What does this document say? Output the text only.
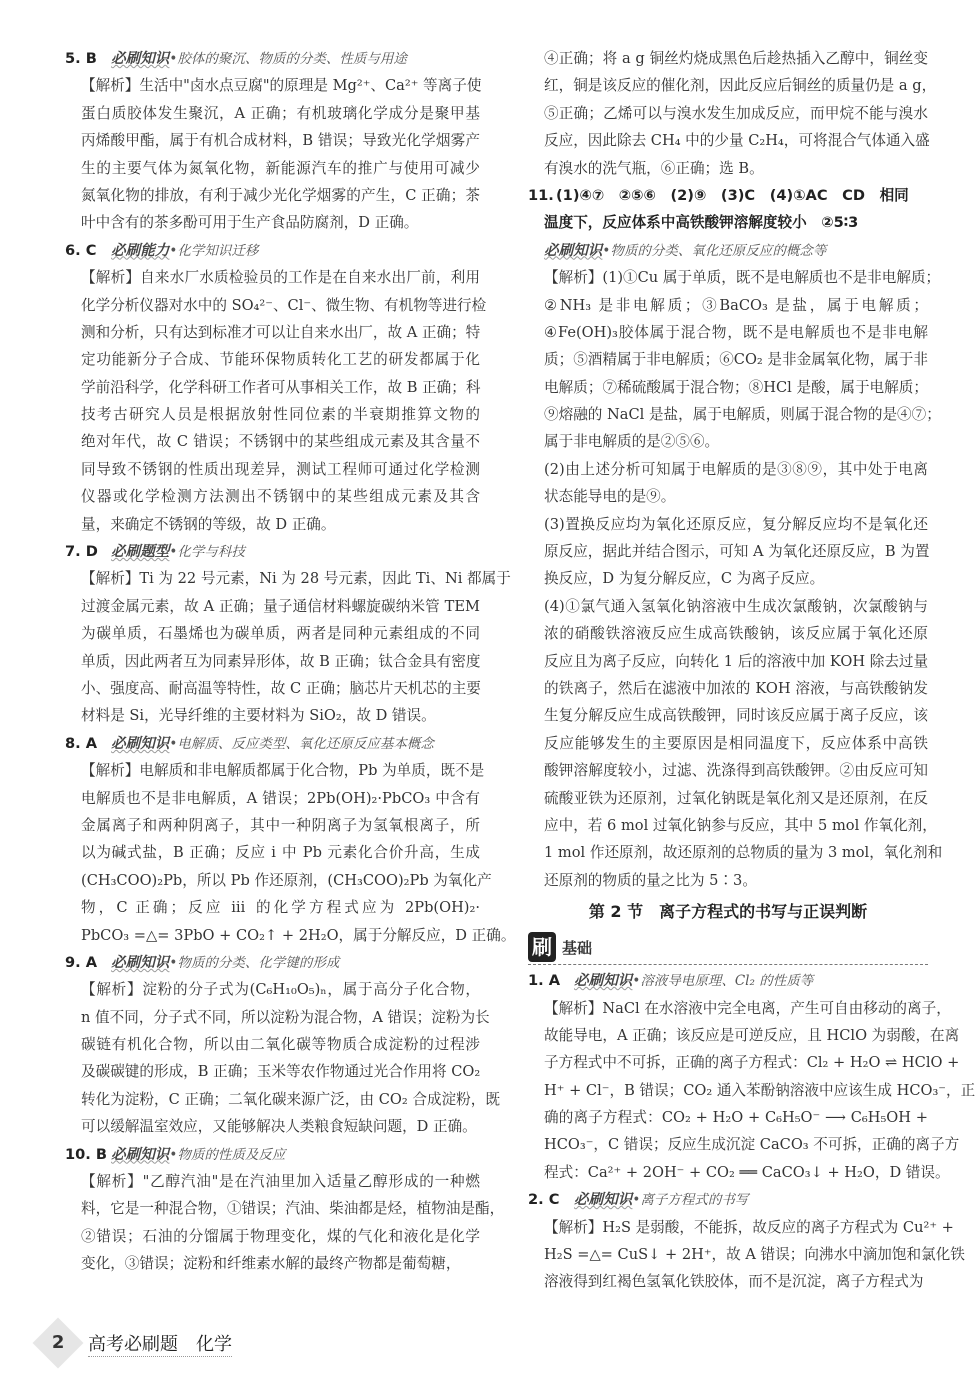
5. B 必刷知识•胶体的聚沉、物质的分类、性质与用途
【解析】生活中"卤水点豆腐"的原理是 Mg²⁺、Ca²⁺ 等离子使
蛋白质胶体发生聚沉，A 正确；有机玻璃化学成分是聚甲基
丙烯酸甲酯，属于有机合成材料，B 错误；导致光化学烟雾产
生的主要气体为氮氧化物，新能源汽车的推广与使用可减少
氮氧化物的排放，有利于减少光化学烟雾的产生，C 正确；茶
叶中含有的茶多酚可用于生产食品防腐剂，D 正确。
6. C 必刷能力•化学知识迁移
【解析】自来水厂水质检验员的工作是在自来水出厂前，利用
化学分析仪器对水中的 SO₄²⁻、Cl⁻、微生物、有机物等进行检
测和分析，只有达到标准才可以让自来水出厂，故 A 正确；特
定功能新分子合成、节能环保物质转化工艺的研发都属于化
学前沿科学，化学科研工作者可从事相关工作，故 B 正确；科
技考古研究人员是根据放射性同位素的半衰期推算文物的
绝对年代，故 C 错误；不锈钢中的某些组成元素及其含量不
同导致不锈钢的性质出现差异，测试工程师可通过化学检测
仪器或化学检测方法测出不锈钢中的某些组成元素及其含
量，来确定不锈钢的等级，故 D 正确。
7. D 必刷题型•化学与科技
【解析】Ti 为 22 号元素，Ni 为 28 号元素，因此 Ti、Ni 都属于
过渡金属元素，故 A 正确；量子通信材料螺旋碳纳米管 TEM
为碳单质，石墨烯也为碳单质，两者是同种元素组成的不同
单质，因此两者互为同素异形体，故 B 正确；钛合金具有密度
小、强度高、耐高温等特性，故 C 正确；脑芯片天机芯的主要
材料是 Si，光导纤维的主要材料为 SiO₂，故 D 错误。
8. A 必刷知识•电解质、反应类型、氧化还原反应基本概念
【解析】电解质和非电解质都属于化合物，Pb 为单质，既不是
电解质也不是非电解质，A 错误；2Pb(OH)₂·PbCO₃ 中含有
金属离子和两种阴离子，其中一种阴离子为氢氧根离子，所
以为碱式盐，B 正确；反应 ⅰ 中 Pb 元素化合价升高，生成
(CH₃COO)₂Pb，所以 Pb 作还原剂，(CH₃COO)₂Pb 为氧化产
物，C 正确；反应 ⅲ 的化学方程式应为 2Pb(OH)₂·
PbCO₃ =△= 3PbO + CO₂↑ + 2H₂O，属于分解反应，D 正确。
9. A 必刷知识•物质的分类、化学键的形成
【解析】淀粉的分子式为(C₆H₁₀O₅)ₙ，属于高分子化合物，
n 值不同，分子式不同，所以淀粉为混合物，A 错误；淀粉为长
碳链有机化合物，所以由二氧化碳等物质合成淀粉的过程涉
及碳碳键的形成，B 正确；玉米等农作物通过光合作用将 CO₂
转化为淀粉，C 正确；二氧化碳来源广泛，由 CO₂ 合成淀粉，既
可以缓解温室效应，又能够解决人类粮食短缺问题，D 正确。
10. B 必刷知识•物质的性质及反应
【解析】"乙醇汽油"是在汽油里加入适量乙醇形成的一种燃
料，它是一种混合物，①错误；汽油、柴油都是烃，植物油是酯，
②错误；石油的分馏属于物理变化，煤的气化和液化是化学
变化，③错误；淀粉和纤维素水解的最终产物都是葡萄糖，
④正确；将 a g 铜丝灼烧成黑色后趁热插入乙醇中，铜丝变
红，铜是该反应的催化剂，因此反应后铜丝的质量仍是 a g，
⑤正确；乙烯可以与溴水发生加成反应，而甲烷不能与溴水
反应，因此除去 CH₄ 中的少量 C₂H₄，可将混合气体通入盛
有溴水的洗气瓶，⑥正确；选 B。
11. (1)④⑦　②⑤⑥　(2)⑨　(3)C　(4)①AC　CD　相同
温度下，反应体系中高铁酸钾溶解度较小　②5∶3
必刷知识•物质的分类、氧化还原反应的概念等
【解析】(1)①Cu 属于单质，既不是电解质也不是非电解质；
②NH₃ 是非电解质；③BaCO₃ 是盐，属于电解质；
④Fe(OH)₃胶体属于混合物，既不是电解质也不是非电解
质；⑤酒精属于非电解质；⑥CO₂ 是非金属氧化物，属于非
电解质；⑦稀硫酸属于混合物；⑧HCl 是酸，属于电解质；
⑨熔融的 NaCl 是盐，属于电解质，则属于混合物的是④⑦；
属于非电解质的是②⑤⑥。
(2)由上述分析可知属于电解质的是③⑧⑨，其中处于电离
状态能导电的是⑨。
(3)置换反应均为氧化还原反应，复分解反应均不是氧化还
原反应，据此并结合图示，可知 A 为氧化还原反应，B 为置
换反应，D 为复分解反应，C 为离子反应。
(4)①氯气通入氢氧化钠溶液中生成次氯酸钠，次氯酸钠与
浓的硝酸铁溶液反应生成高铁酸钠，该反应属于氧化还原
反应且为离子反应，向转化 1 后的溶液中加 KOH 除去过量
的铁离子，然后在滤液中加浓的 KOH 溶液，与高铁酸钠发
生复分解反应生成高铁酸钾，同时该反应属于离子反应，该
反应能够发生的主要原因是相同温度下，反应体系中高铁
酸钾溶解度较小，过滤、洗涤得到高铁酸钾。②由反应可知
硫酸亚铁为还原剂，过氧化钠既是氧化剂又是还原剂，在反
应中，若 6 mol 过氧化钠参与反应，其中 5 mol 作氧化剂，
1 mol 作还原剂，故还原剂的总物质的量为 3 mol，氧化剂和
还原剂的物质的量之比为 5∶3。
第 2 节　离子方程式的书写与正误判断
刷 基础
1. A 必刷知识•溶液导电原理、Cl₂ 的性质等
【解析】NaCl 在水溶液中完全电离，产生可自由移动的离子，
故能导电，A 正确；该反应是可逆反应，且 HClO 为弱酸，在离
子方程式中不可拆，正确的离子方程式：Cl₂ + H₂O ⇌ HClO +
H⁺ + Cl⁻，B 错误；CO₂ 通入苯酚钠溶液中应该生成 HCO₃⁻，正
确的离子方程式：CO₂ + H₂O + C₆H₅O⁻ ⟶ C₆H₅OH +
HCO₃⁻，C 错误；反应生成沉淀 CaCO₃ 不可拆，正确的离子方
程式：Ca²⁺ + 2OH⁻ + CO₂ ══ CaCO₃↓ + H₂O，D 错误。
2. C 必刷知识•离子方程式的书写
【解析】H₂S 是弱酸，不能拆，故反应的离子方程式为 Cu²⁺ +
H₂S =△= CuS↓ + 2H⁺，故 A 错误；向沸水中滴加饱和氯化铁
溶液得到红褐色氢氧化铁胶体，而不是沉淀，离子方程式为
2	高考必刷题　化学
